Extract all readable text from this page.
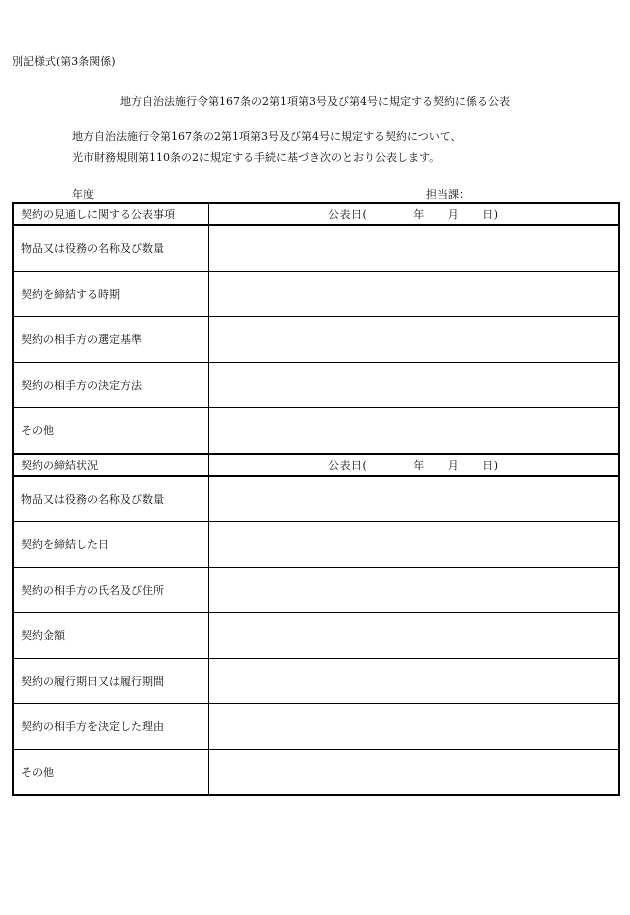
別記様式(第3条関係)
地方自治法施行令第167条の2第1項第3号及び第4号に規定する契約に係る公表
地方自治法施行令第167条の2第1項第3号及び第4号に規定する契約について、
光市財務規則第110条の2に規定する手続に基づき次のとおり公表します。
年度	担当課：
契約の見通しに関する公表事項	公表日(　　　　年　　月　　日)
物品又は役務の名称及び数量	
契約を締結する時期	
契約の相手方の選定基準	
契約の相手方の決定方法	
その他	
契約の締結状況	公表日(　　　　年　　月　　日)
物品又は役務の名称及び数量	
契約を締結した日	
契約の相手方の氏名及び住所	
契約金額	
契約の履行期日又は履行期間	
契約の相手方を決定した理由	
その他	
